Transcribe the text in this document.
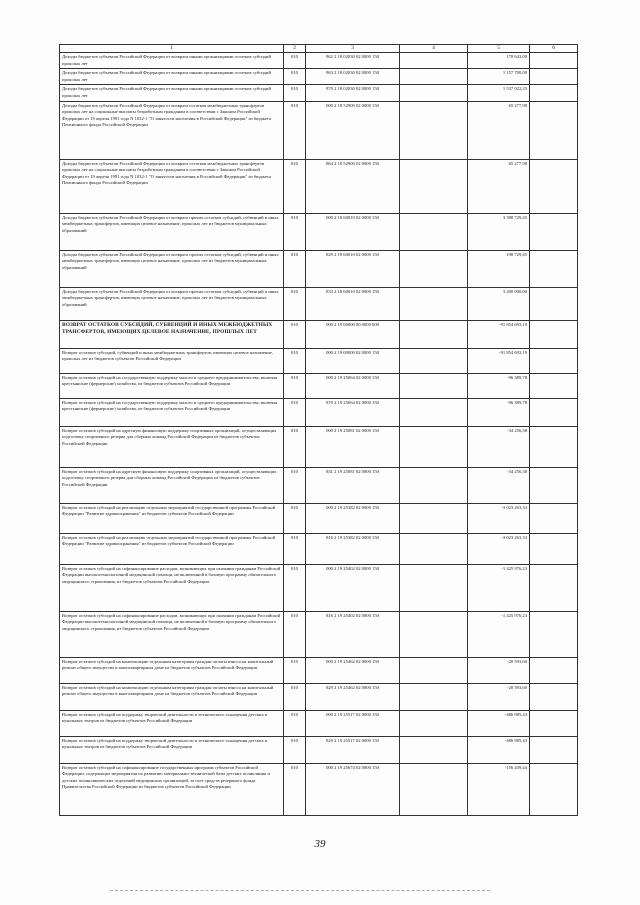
1	2	3	4	5	6
Доходы бюджетов субъектов Российской Федерации от возврата иными организациями остатков субсидий прошлых лет	010	862 2 18 02030 02 0000 150		178 643,00	
Доходы бюджетов субъектов Российской Федерации от возврата иными организациями остатков субсидий прошлых лет	010	863 2 18 02030 02 0000 150		1 157 700,00	
Доходы бюджетов субъектов Российской Федерации от возврата иными организациями остатков субсидий прошлых лет	010	870 2 18 02030 02 0000 150		1 537 022,25	
Доходы бюджетов субъектов Российской Федерации от возврата остатков межбюджетных трансфертов прошлых лет на социальные выплаты безработным гражданам в соответствии с Законом Российской Федерации от 19 апреля 1991 года N 1032-1 "О занятости населения в Российской Федерации" из бюджета Пенсионного фонда Российской Федерации	010	000 2 18 52900 02 0000 150		65 277,98	
Доходы бюджетов субъектов Российской Федерации от возврата остатков межбюджетных трансфертов прошлых лет на социальные выплаты безработным гражданам в соответствии с Законом Российской Федерации от 19 апреля 1991 года N 1032-1 "О занятости населения в Российской Федерации" из бюджета Пенсионного фонда Российской Федерации	010	864 2 18 52900 02 0000 150		65 277,98	
Доходы бюджетов субъектов Российской Федерации от возврата прочих остатков субсидий, субвенций и иных межбюджетных трансфертов, имеющих целевое назначение, прошлых лет из бюджетов муниципальных образований	010	000 2 18 60010 02 0000 150		3 398 729,45	
Доходы бюджетов субъектов Российской Федерации от возврата прочих остатков субсидий, субвенций и иных межбюджетных трансфертов, имеющих целевое назначение, прошлых лет из бюджетов муниципальных образований	010	829 2 18 60010 02 0000 150		198 729,45	
Доходы бюджетов субъектов Российской Федерации от возврата прочих остатков субсидий, субвенций и иных межбюджетных трансфертов, имеющих целевое назначение, прошлых лет из бюджетов муниципальных образований	010	833 2 18 60010 02 0000 150		3 200 000,00	
ВОЗВРАТ ОСТАТКОВ СУБСИДИЙ, СУБВЕНЦИЙ И ИНЫХ МЕЖБЮДЖЕТНЫХ ТРАНСФЕРТОВ, ИМЕЮЩИХ ЦЕЛЕВОЕ НАЗНАЧЕНИЕ, ПРОШЛЫХ ЛЕТ	010	000 2 19 00000 00 0000 000		-91 854 693,19	
Возврат остатков субсидий, субвенций и иных межбюджетных трансфертов, имеющих целевое назначение, прошлых лет из бюджетов субъектов Российской Федерации	010	000 2 19 00000 02 0000 150		-91 854 693,19	
Возврат остатков субсидий на государственную поддержку малого и среднего предпринимательства, включая крестьянские (фермерские) хозяйства, из бюджетов субъектов Российской Федерации	010	000 2 19 25064 02 0000 150		-96 389,78	
Возврат остатков субсидий на государственную поддержку малого и среднего предпринимательства, включая крестьянские (фермерские) хозяйства, из бюджетов субъектов Российской Федерации	010	870 2 19 25064 02 0000 150		-96 389,78	
Возврат остатков субсидий на адресную финансовую поддержку спортивных организаций, осуществляющих подготовку спортивного резерва для сборных команд Российской Федерации из бюджетов субъектов Российской Федерации	010	000 2 19 25081 02 0000 150		-34 256,38	
Возврат остатков субсидий на адресную финансовую поддержку спортивных организаций, осуществляющих подготовку спортивного резерва для сборных команд Российской Федерации из бюджетов субъектов Российской Федерации	010	831 2 19 25081 02 0000 150		-34 256,38	
Возврат остатков субсидий на реализацию отдельных мероприятий государственной программы Российской Федерации "Развитие здравоохранения" из бюджетов субъектов Российской Федерации	010	000 2 19 25382 02 0000 150		-3 023 263,33	
Возврат остатков субсидий на реализацию отдельных мероприятий государственной программы Российской Федерации "Развитие здравоохранения" из бюджетов субъектов Российской Федерации	010	816 2 19 25382 02 0000 150		-3 023 263,33	
Возврат остатков субсидий на софинансирование расходов, возникающих при оказании гражданам Российской Федерации высокотехнологичной медицинской помощи, не включенной в базовую программу обязательного медицинского страхования, из бюджетов субъектов Российской Федерации	010	000 2 19 25402 02 0000 150		-1 425 976,23	
Возврат остатков субсидий на софинансирование расходов, возникающих при оказании гражданам Российской Федерации высокотехнологичной медицинской помощи, не включенной в базовую программу обязательного медицинского страхования, из бюджетов субъектов Российской Федерации	010	816 2 19 25402 02 0000 150		-1 425 976,23	
Возврат остатков субсидий на компенсацию отдельным категориям граждан оплаты взноса на капитальный ремонт общего имущества в многоквартирном доме из бюджетов субъектов Российской Федерации	010	000 2 19 25462 02 0000 150		-20 593,60	
Возврат остатков субсидий на компенсацию отдельным категориям граждан оплаты взноса на капитальный ремонт общего имущества в многоквартирном доме из бюджетов субъектов Российской Федерации	010	829 2 19 25462 02 0000 150		-20 593,60	
Возврат остатков субсидий на поддержку творческой деятельности и технического оснащения детских и кукольных театров из бюджетов субъектов Российской Федерации	010	000 2 19 25517 02 0000 150		-486 985,43	
Возврат остатков субсидий на поддержку творческой деятельности и технического оснащения детских и кукольных театров из бюджетов субъектов Российской Федерации	010	820 2 19 25517 02 0000 150		-486 985,43	
Возврат остатков субсидий на софинансирование государственных программ субъектов Российской Федерации, содержащих мероприятия по развитию материально-технической базы детских поликлиник и детских поликлинических отделений медицинских организаций, за счет средств резервного фонда Правительства Российской Федерации из бюджетов субъектов Российской Федерации	010	000 2 19 25674 02 0000 150		-156 439,44	
39
